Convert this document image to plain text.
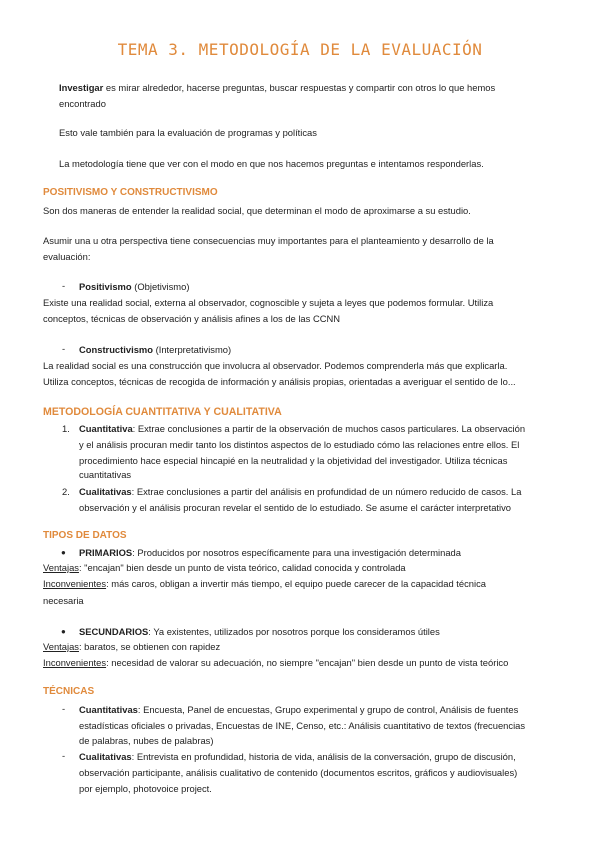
TEMA 3. METODOLOGÍA DE LA EVALUACIÓN
Investigar es mirar alrededor, hacerse preguntas, buscar respuestas y compartir con otros lo que hemos
encontrado
Esto vale también para la evaluación de programas y políticas
La metodología tiene que ver con el modo en que nos hacemos preguntas e intentamos responderlas.
POSITIVISMO Y CONSTRUCTIVISMO
Son dos maneras de entender la realidad social, que determinan el modo de aproximarse a su estudio.
Asumir una u otra perspectiva tiene consecuencias muy importantes para el planteamiento y desarrollo de la
evaluación:
- Positivismo (Objetivismo)
Existe una realidad social, externa al observador, cognoscible y sujeta a leyes que podemos formular. Utiliza
conceptos, técnicas de observación y análisis afines a los de las CCNN
- Constructivismo (Interpretativismo)
La realidad social es una construcción que involucra al observador. Podemos comprenderla más que explicarla.
Utiliza conceptos, técnicas de recogida de información y análisis propias, orientadas a averiguar el sentido de lo...
METODOLOGÍA CUANTITATIVA Y CUALITATIVA
1. Cuantitativa: Extrae conclusiones a partir de la observación de muchos casos particulares. La observación
y el análisis procuran medir tanto los distintos aspectos de lo estudiado cómo las relaciones entre ellos. El
procedimiento hace especial hincapié en la neutralidad y la objetividad del investigador. Utiliza técnicas
cuantitativas
2. Cualitativas: Extrae conclusiones a partir del análisis en profundidad de un número reducido de casos. La
observación y el análisis procuran revelar el sentido de lo estudiado. Se asume el carácter interpretativo
TIPOS DE DATOS
● PRIMARIOS: Producidos por nosotros específicamente para una investigación determinada
Ventajas: "encajan" bien desde un punto de vista teórico, calidad conocida y controlada
Inconvenientes: más caros, obligan a invertir más tiempo, el equipo puede carecer de la capacidad técnica
necesaria
● SECUNDARIOS: Ya existentes, utilizados por nosotros porque los consideramos útiles
Ventajas: baratos, se obtienen con rapidez
Inconvenientes: necesidad de valorar su adecuación, no siempre "encajan" bien desde un punto de vista teórico
TÉCNICAS
- Cuantitativas: Encuesta, Panel de encuestas, Grupo experimental y grupo de control, Análisis de fuentes
estadísticas oficiales o privadas, Encuestas de INE, Censo, etc.: Análisis cuantitativo de textos (frecuencias
de palabras, nubes de palabras)
- Cualitativas: Entrevista en profundidad, historia de vida, análisis de la conversación, grupo de discusión,
observación participante, análisis cualitativo de contenido (documentos escritos, gráficos y audiovisuales)
por ejemplo, photovoice project.
